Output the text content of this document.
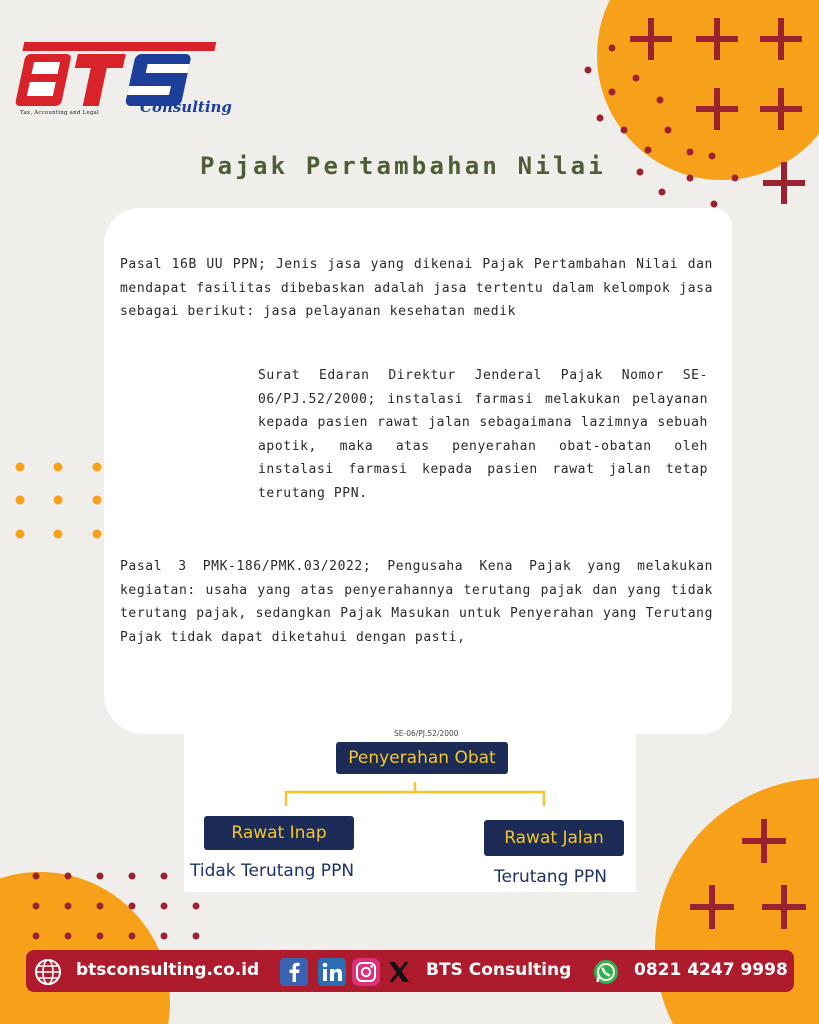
Tax, Accounting and Legal	Consulting
Pajak Pertambahan Nilai

Pasal 16B UU PPN; Jenis jasa yang dikenai Pajak Pertambahan Nilai dan mendapat fasilitas dibebaskan adalah jasa tertentu dalam kelompok jasa sebagai berikut: jasa pelayanan kesehatan medik

Surat Edaran Direktur Jenderal Pajak Nomor SE-06/PJ.52/2000; instalasi farmasi melakukan pelayanan kepada pasien rawat jalan sebagaimana lazimnya sebuah apotik, maka atas penyerahan obat-obatan oleh instalasi farmasi kepada pasien rawat jalan tetap terutang PPN.

Pasal 3 PMK-186/PMK.03/2022; Pengusaha Kena Pajak yang melakukan kegiatan: usaha yang atas penyerahannya terutang pajak dan yang tidak terutang pajak, sedangkan Pajak Masukan untuk Penyerahan yang Terutang Pajak tidak dapat diketahui dengan pasti,

SE-06/PJ.52/2000
Penyerahan Obat
Rawat Inap	Rawat Jalan
Tidak Terutang PPN	Terutang PPN
btsconsulting.co.id	BTS Consulting	0821 4247 9998
